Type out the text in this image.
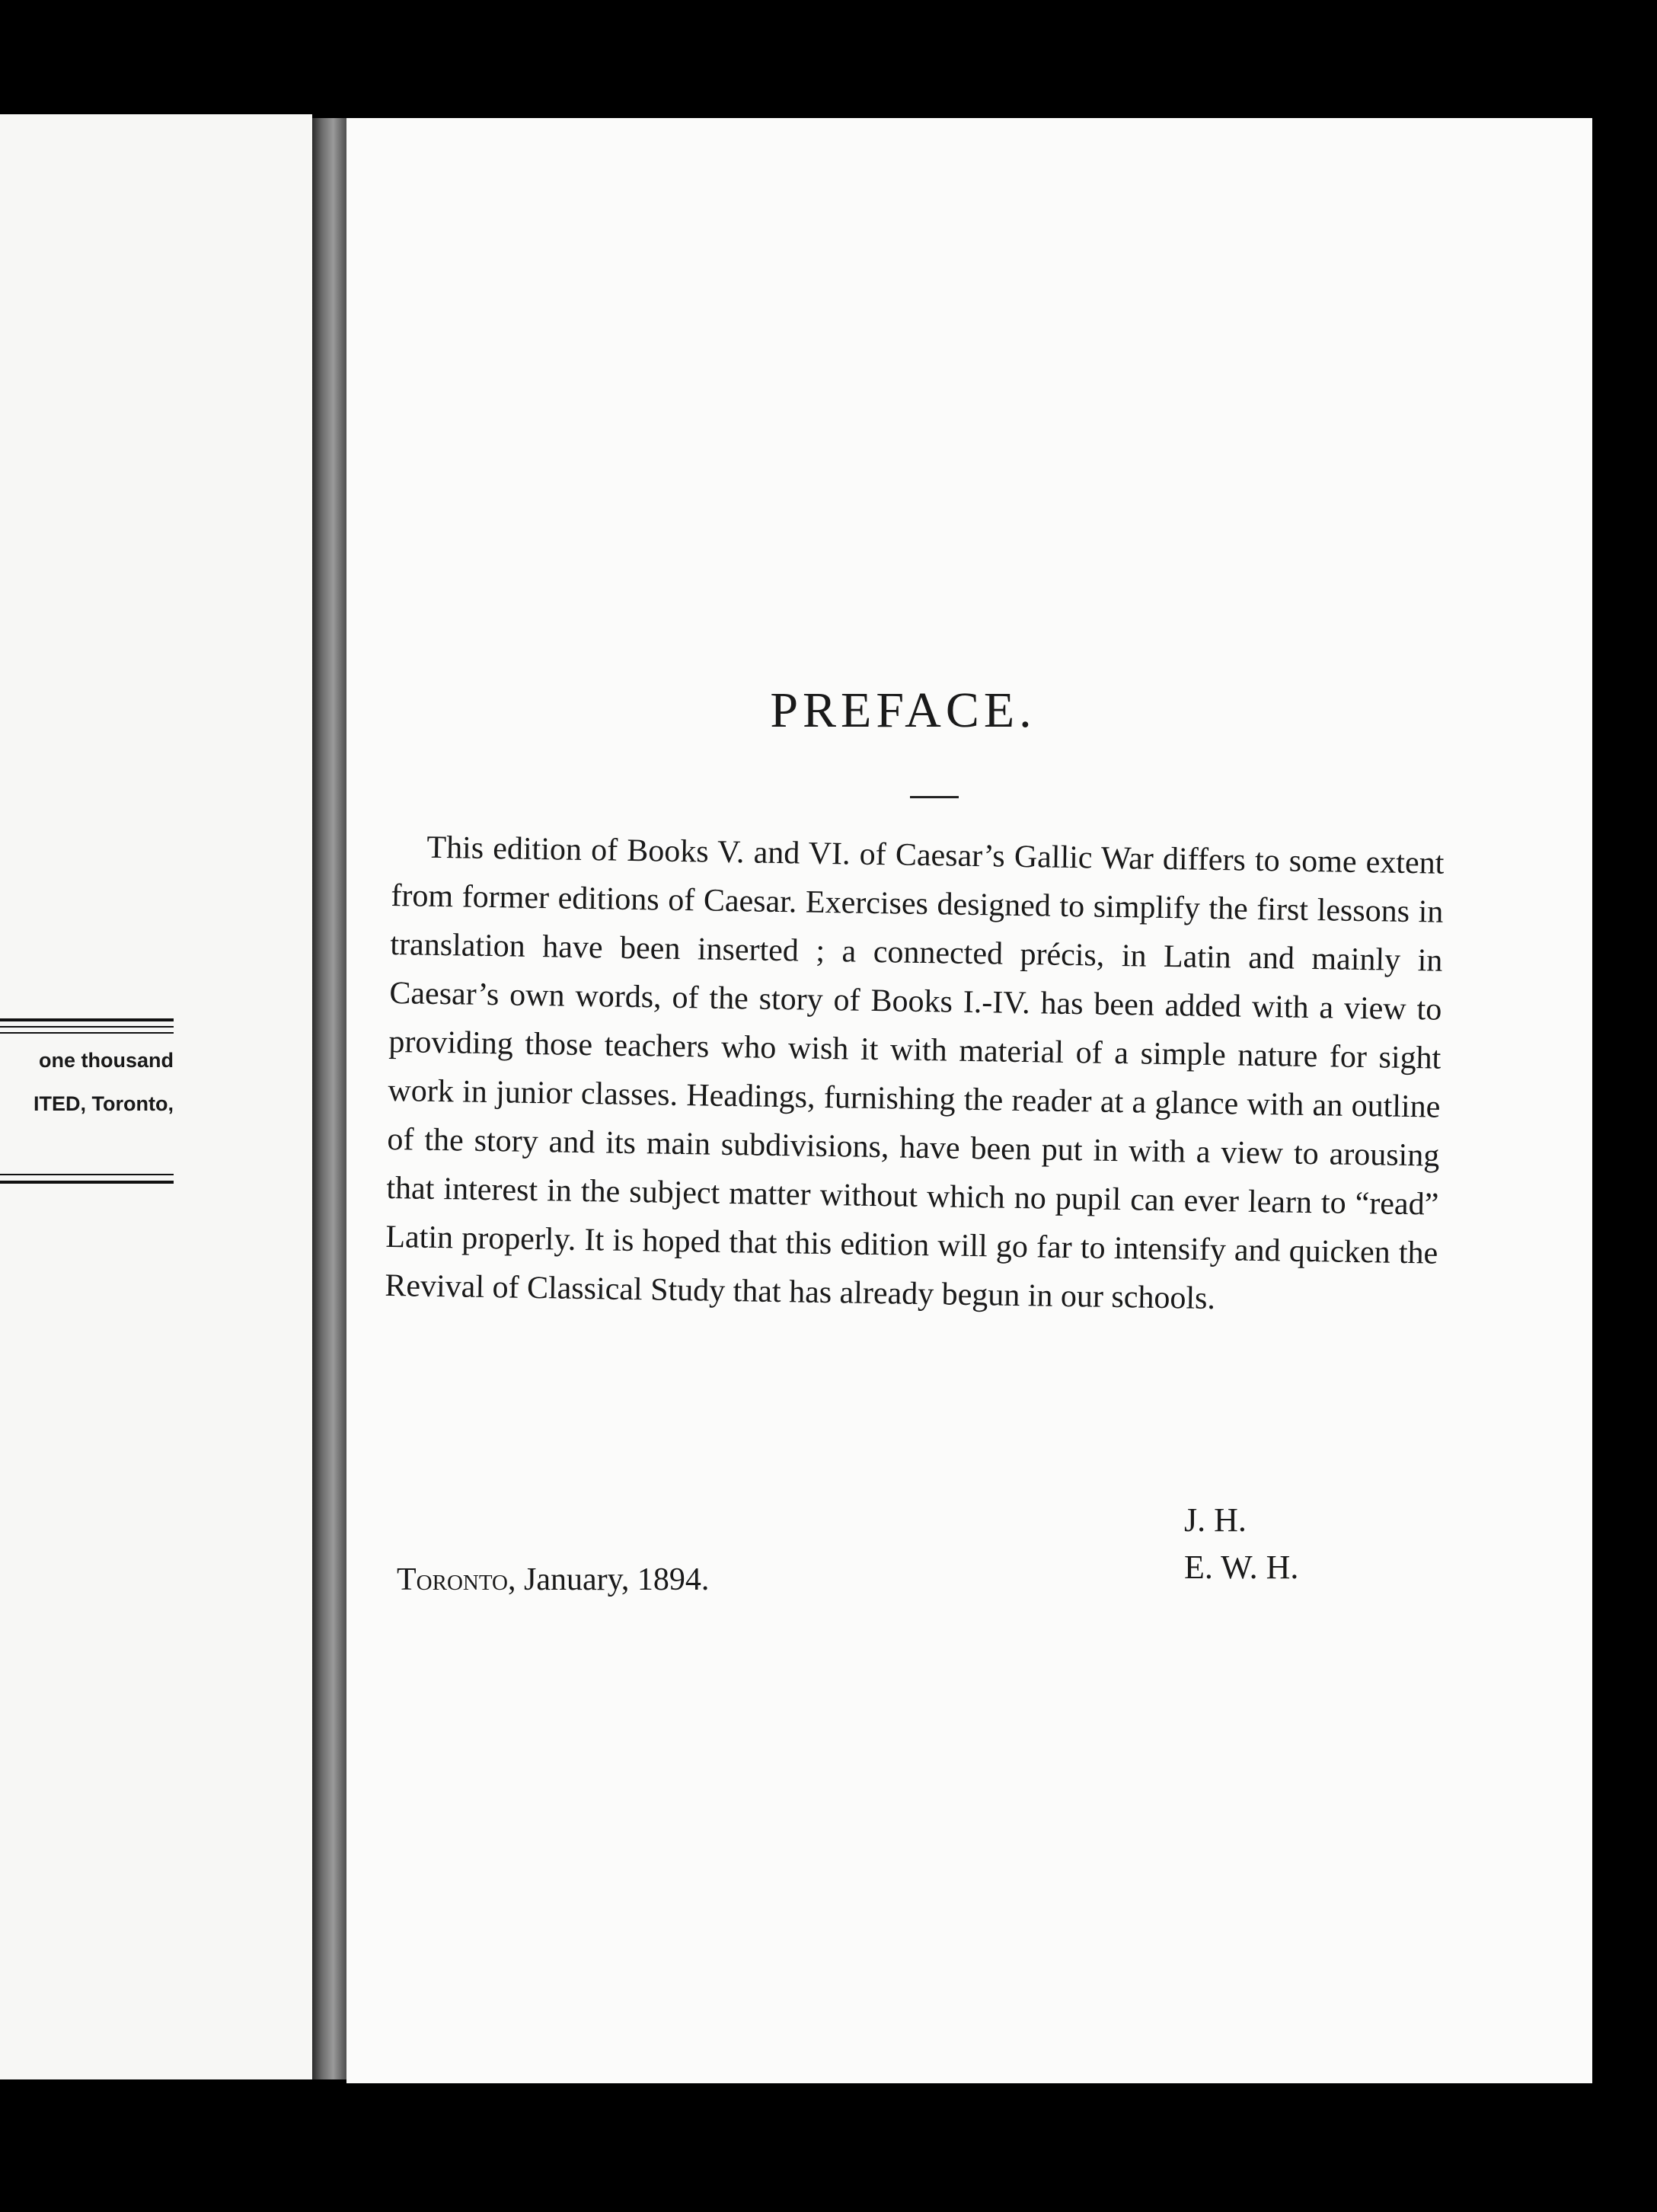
one thousand
ITED, Toronto,
PREFACE.

This edition of Books V. and VI. of Caesar’s Gallic War differs to some extent from former editions of Caesar. Exercises designed to simplify the first lessons in translation have been inserted ; a connected précis, in Latin and mainly in Caesar’s own words, of the story of Books I.-IV. has been added with a view to providing those teachers who wish it with material of a simple nature for sight work in junior classes. Headings, furnishing the reader at a glance with an outline of the story and its main subdivisions, have been put in with a view to arousing that interest in the subject matter without which no pupil can ever learn to “read” Latin properly. It is hoped that this edition will go far to intensify and quicken the Revival of Classical Study that has already begun in our schools.

J. H.
E. W. H.
Toronto, January, 1894.
